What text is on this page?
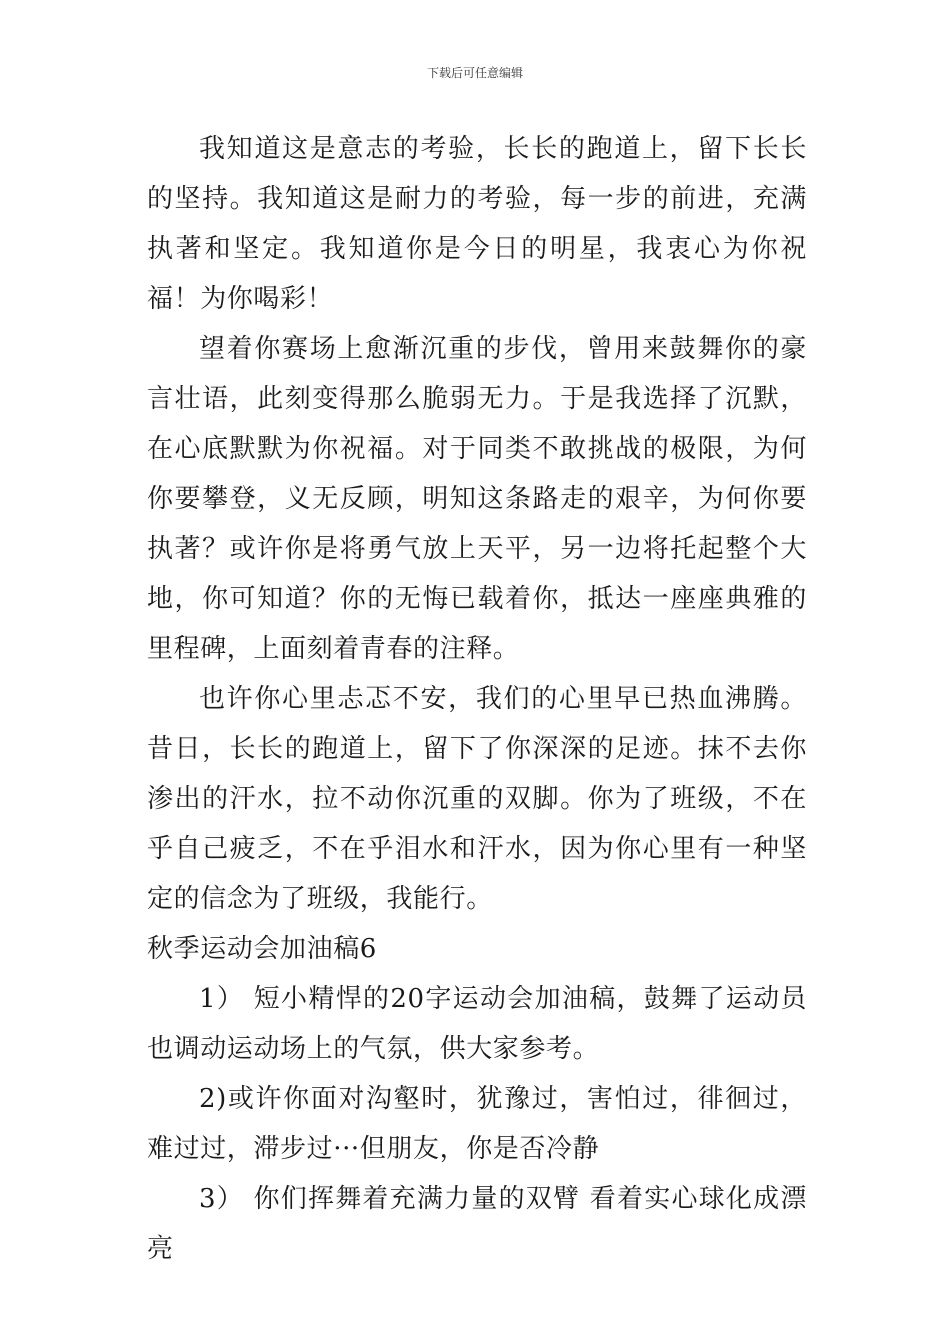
下载后可任意编辑

我知道这是意志的考验，长长的跑道上，留下长长的坚持。我知道这是耐力的考验，每一步的前进，充满执著和坚定。我知道你是今日的明星，我衷心为你祝福！为你喝彩！

望着你赛场上愈渐沉重的步伐，曾用来鼓舞你的豪言壮语，此刻变得那么脆弱无力。于是我选择了沉默，在心底默默为你祝福。对于同类不敢挑战的极限，为何你要攀登，义无反顾，明知这条路走的艰辛，为何你要执著？或许你是将勇气放上天平，另一边将托起整个大地，你可知道？你的无悔已载着你，抵达一座座典雅的里程碑，上面刻着青春的注释。

也许你心里忐忑不安，我们的心里早已热血沸腾。昔日，长长的跑道上，留下了你深深的足迹。抹不去你渗出的汗水，拉不动你沉重的双脚。你为了班级，不在乎自己疲乏，不在乎泪水和汗水，因为你心里有一种坚定的信念为了班级，我能行。

秋季运动会加油稿6

1） 短小精悍的20字运动会加油稿，鼓舞了运动员也调动运动场上的气氛，供大家参考。

2)或许你面对沟壑时，犹豫过，害怕过，徘徊过，难过过，滞步过···但朋友，你是否冷静

3） 你们挥舞着充满力量的双臂 看着实心球化成漂亮
